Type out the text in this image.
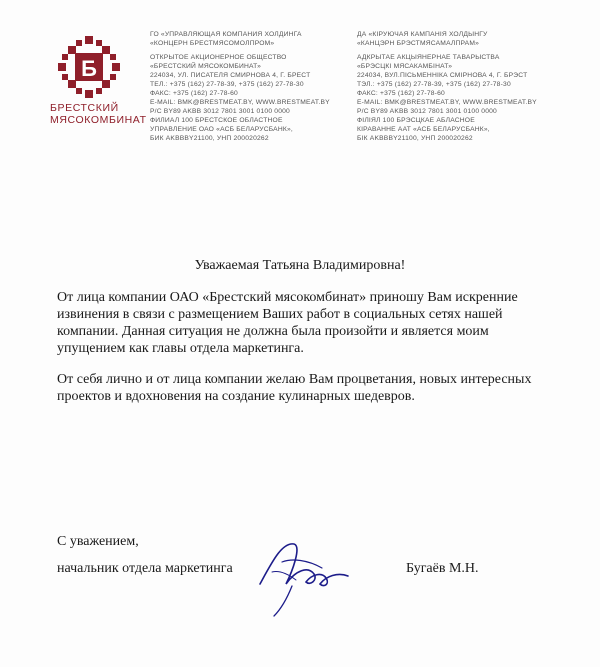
Б
БРЕСТСКИЙ
МЯСОКОМБИНАТ
ГО «УПРАВЛЯЮЩАЯ КОМПАНИЯ ХОЛДИНГА
«КОНЦЕРН БРЕСТМЯСОМОЛПРОМ»
ОТКРЫТОЕ АКЦИОНЕРНОЕ ОБЩЕСТВО
«БРЕСТСКИЙ МЯСОКОМБИНАТ»
224034, УЛ. ПИСАТЕЛЯ СМИРНОВА 4, Г. БРЕСТ
ТЕЛ.: +375 (162) 27-78-39, +375 (162) 27-78-30
ФАКС: +375 (162) 27-78-60
E-MAIL: BMK@BRESTMEAT.BY, WWW.BRESTMEAT.BY
Р/С BY89 AKBB 3012 7801 3001 0100 0000
ФИЛИАЛ 100 БРЕСТСКОЕ ОБЛАСТНОЕ
УПРАВЛЕНИЕ ОАО «АСБ БЕЛАРУСБАНК»,
БИК AKBBBY21100, УНП 200020262
ДА «КІРУЮЧАЯ КАМПАНІЯ ХОЛДЫНГУ
«КАНЦЭРН БРЭСТМЯСАМАЛПРАМ»
АДКРЫТАЕ АКЦЫЯНЕРНАЕ ТАВАРЫСТВА
«БРЭСЦКІ МЯСАКАМБІНАТ»
224034, ВУЛ.ПІСЬМЕННІКА СМІРНОВА 4, Г. БРЭСТ
ТЭЛ.: +375 (162) 27-78-39, +375 (162) 27-78-30
ФАКС: +375 (162) 27-78-60
E-MAIL: BMK@BRESTMEAT.BY, WWW.BRESTMEAT.BY
Р/С BY89 AKBB 3012 7801 3001 0100 0000
ФІЛІЯЛ 100 БРЭСЦКАЕ АБЛАСНОЕ
КІРАВАННЕ ААТ «АСБ БЕЛАРУСБАНК»,
БІК AKBBBY21100, УНП 200020262
Уважаемая Татьяна Владимировна!
От лица компании ОАО «Брестский мясокомбинат» приношу Вам искренние
извинения в связи с размещением Ваших работ в социальных сетях нашей
компании. Данная ситуация не должна была произойти и является моим
упущением как главы отдела маркетинга.
От себя лично и от лица компании желаю Вам процветания, новых интересных
проектов и вдохновения на создание кулинарных шедевров.
С уважением,
начальник отдела маркетинга	Бугаёв М.Н.
